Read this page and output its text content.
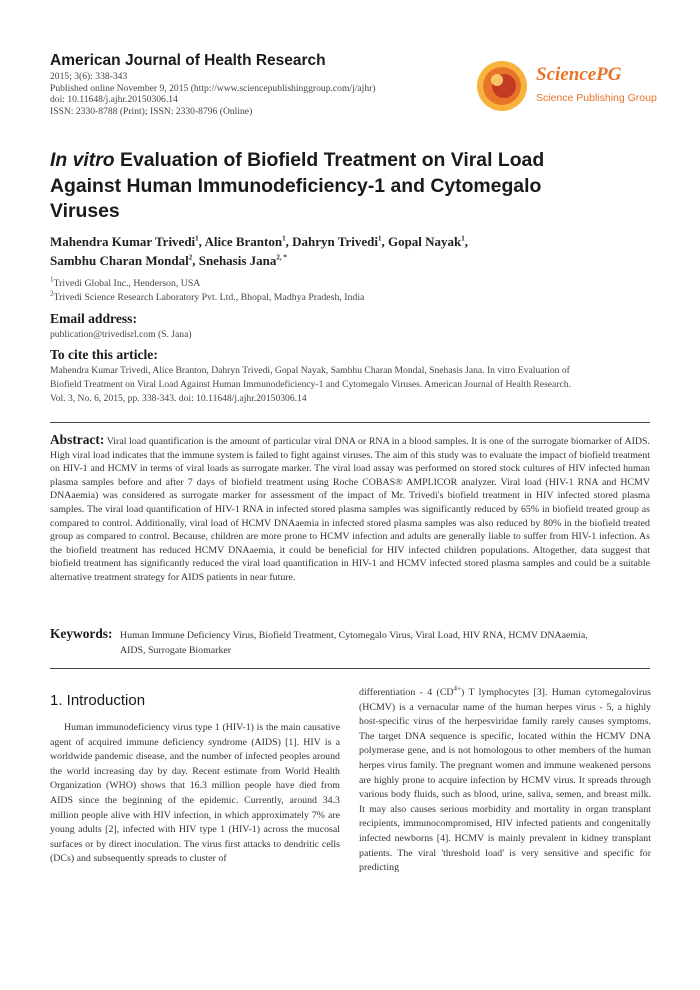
American Journal of Health Research
2015; 3(6): 338-343
Published online November 9, 2015 (http://www.sciencepublishinggroup.com/j/ajhr)
doi: 10.11648/j.ajhr.20150306.14
ISSN: 2330-8788 (Print); ISSN: 2330-8796 (Online)
SciencePG
Science Publishing Group
In vitro Evaluation of Biofield Treatment on Viral Load Against Human Immunodeficiency-1 and Cytomegalo Viruses
Mahendra Kumar Trivedi$^1$, Alice Branton$^1$, Dahryn Trivedi$^1$, Gopal Nayak$^1$,
Sambhu Charan Mondal$^2$, Snehasis Jana$^{2, *}$
$^1$Trivedi Global Inc., Henderson, USA
$^2$Trivedi Science Research Laboratory Pvt. Ltd., Bhopal, Madhya Pradesh, India
Email address:
publication@trivedisrl.com (S. Jana)
To cite this article:
Mahendra Kumar Trivedi, Alice Branton, Dahryn Trivedi, Gopal Nayak, Sambhu Charan Mondal, Snehasis Jana. In vitro Evaluation of
Biofield Treatment on Viral Load Against Human Immunodeficiency-1 and Cytomegalo Viruses. American Journal of Health Research.
Vol. 3, No. 6, 2015, pp. 338-343. doi: 10.11648/j.ajhr.20150306.14
Abstract: Viral load quantification is the amount of particular viral DNA or RNA in a blood samples. It is one of the surrogate biomarker of AIDS. High viral load indicates that the immune system is failed to fight against viruses. The aim of this study was to evaluate the impact of biofield treatment on HIV-1 and HCMV in terms of viral loads as surrogate marker. The viral load assay was performed on stored stock cultures of HIV infected human plasma samples before and after 7 days of biofield treatment using Roche COBAS® AMPLICOR analyzer. Viral load (HIV-1 RNA and HCMV DNAaemia) was considered as surrogate marker for assessment of the impact of Mr. Trivedi's biofield treatment in HIV infected stored plasma samples. The viral load quantification of HIV-1 RNA in infected stored plasma samples was significantly reduced by 65% in biofield treated group as compared to control. Additionally, viral load of HCMV DNAaemia in infected stored plasma samples was also reduced by 80% in the biofield treated group as compared to control. Because, children are more prone to HCMV infection and adults are generally liable to suffer from HIV-1 infection. As the biofield treatment has reduced HCMV DNAaemia, it could be beneficial for HIV infected children populations. Altogether, data suggest that biofield treatment has significantly reduced the viral load quantification in HIV-1 and HCMV infected stored plasma samples and could be a suitable alternative treatment strategy for AIDS patients in near future.
Keywords: Human Immune Deficiency Virus, Biofield Treatment, Cytomegalo Virus, Viral Load, HIV RNA, HCMV DNAaemia, AIDS, Surrogate Biomarker
1. Introduction
Human immunodeficiency virus type 1 (HIV-1) is the main causative agent of acquired immune deficiency syndrome (AIDS) [1]. HIV is a worldwide pandemic disease, and the number of infected peoples around the world increasing day by day. Recent estimate from World Health Organization (WHO) shows that 16.3 million people have died from AIDS since the beginning of the epidemic. Currently, around 34.3 million people alive with HIV infection, in which approximately 7% are young adults [2], infected with HIV type 1 (HIV-1) across the mucosal surfaces or by direct inoculation. The virus first attacks to dendritic cells (DCs) and subsequently spreads to cluster of
differentiation - 4 $(CD^{4+})$ T lymphocytes [3]. Human cytomegalovirus (HCMV) is a vernacular name of the human herpes virus - 5, a highly host-specific virus of the herpesviridae family rarely causes symptoms. The target DNA sequence is specific, located within the HCMV DNA polymerase gene, and is not homologous to other members of the human herpes virus family. The pregnant women and immune weakened persons are highly prone to acquire infection by HCMV virus. It spreads through various body fluids, such as blood, urine, saliva, semen, and breast milk. It may also causes serious morbidity and mortality in organ transplant recipients, immunocompromised, HIV infected patients and congenitally infected newborns [4]. HCMV is mainly prevalent in kidney transplant patients. The viral 'threshold load' is very sensitive and specific for predicting
